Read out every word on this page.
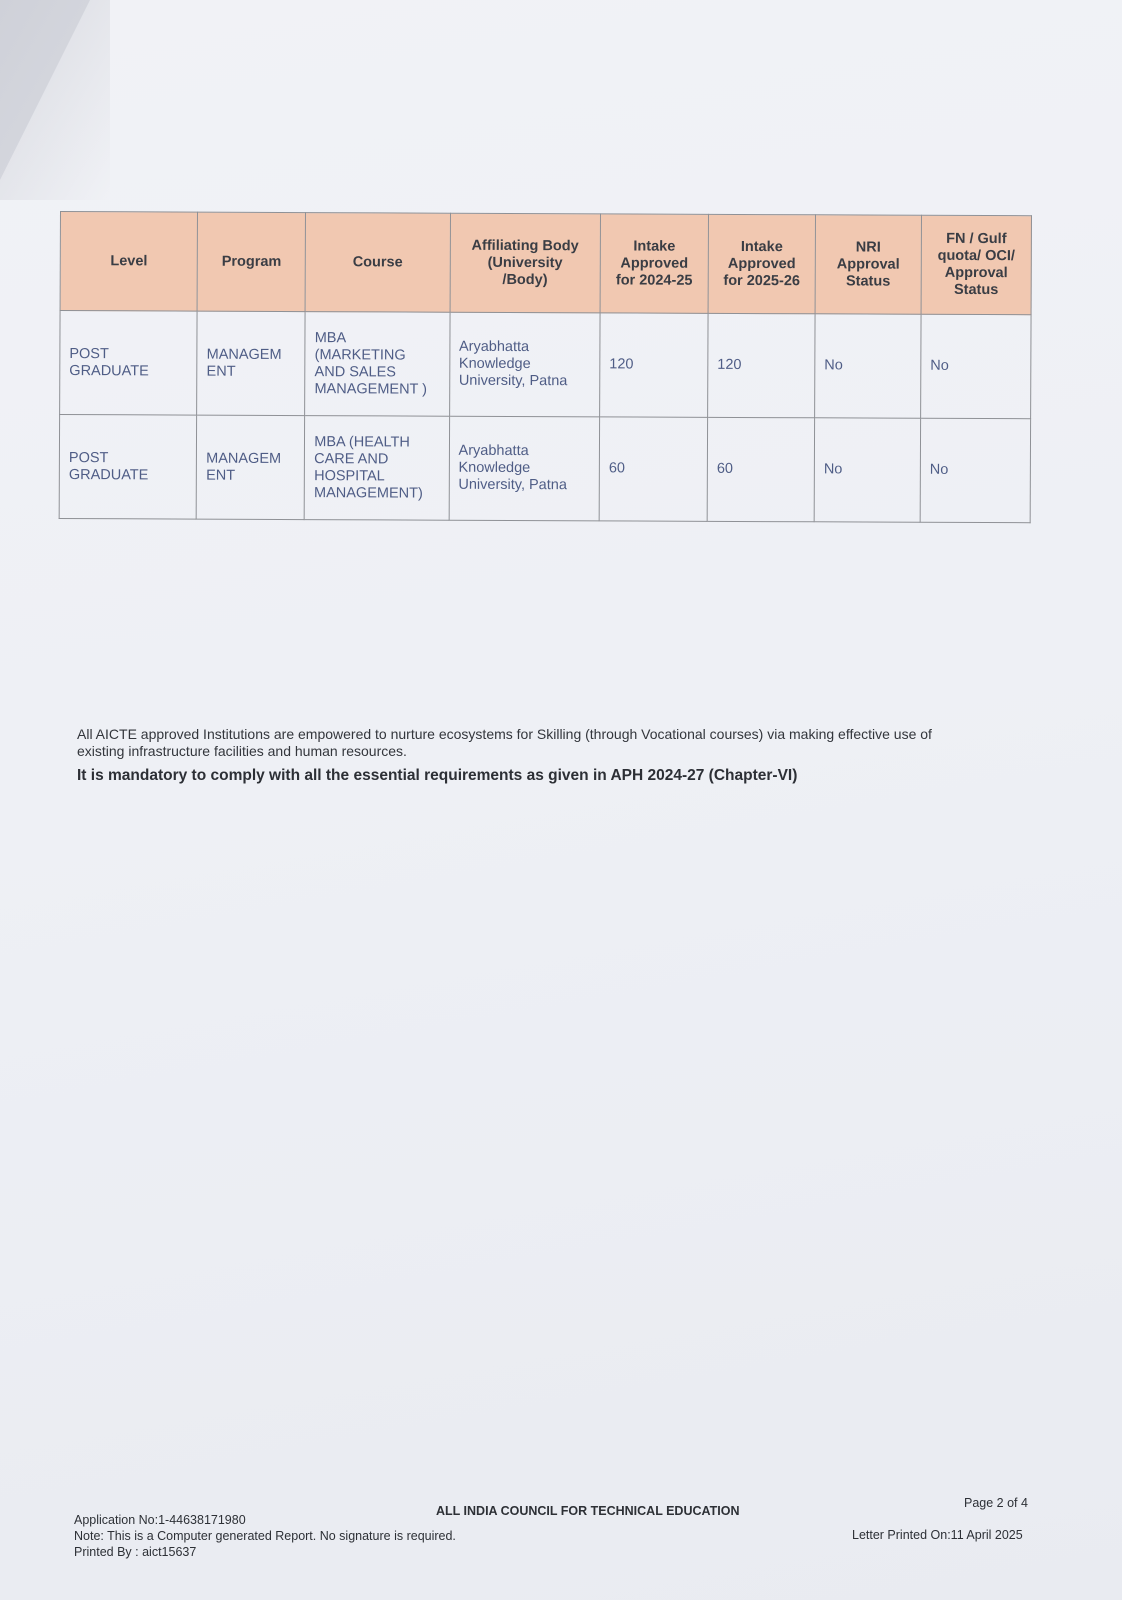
Level	Program	Course	Affiliating Body
(University
/Body)	Intake
Approved
for 2024-25	Intake
Approved
for 2025-26	NRI
Approval
Status	FN / Gulf
quota/ OCI/
Approval
Status
POST
GRADUATE	MANAGEM
ENT	MBA
(MARKETING
AND SALES
MANAGEMENT )	Aryabhatta
Knowledge
University, Patna	120	120	No	No
POST
GRADUATE	MANAGEM
ENT	MBA (HEALTH
CARE AND
HOSPITAL
MANAGEMENT)	Aryabhatta
Knowledge
University, Patna	60	60	No	No
All AICTE approved Institutions are empowered to nurture ecosystems for Skilling (through Vocational courses) via making effective use of
existing infrastructure facilities and human resources.
It is mandatory to comply with all the essential requirements as given in APH 2024-27 (Chapter-VI)
Application No:1-44638171980
Note: This is a Computer generated Report. No signature is required.
Printed By : aict15637
ALL INDIA COUNCIL FOR TECHNICAL EDUCATION
Page 2 of 4
Letter Printed On:11 April 2025
